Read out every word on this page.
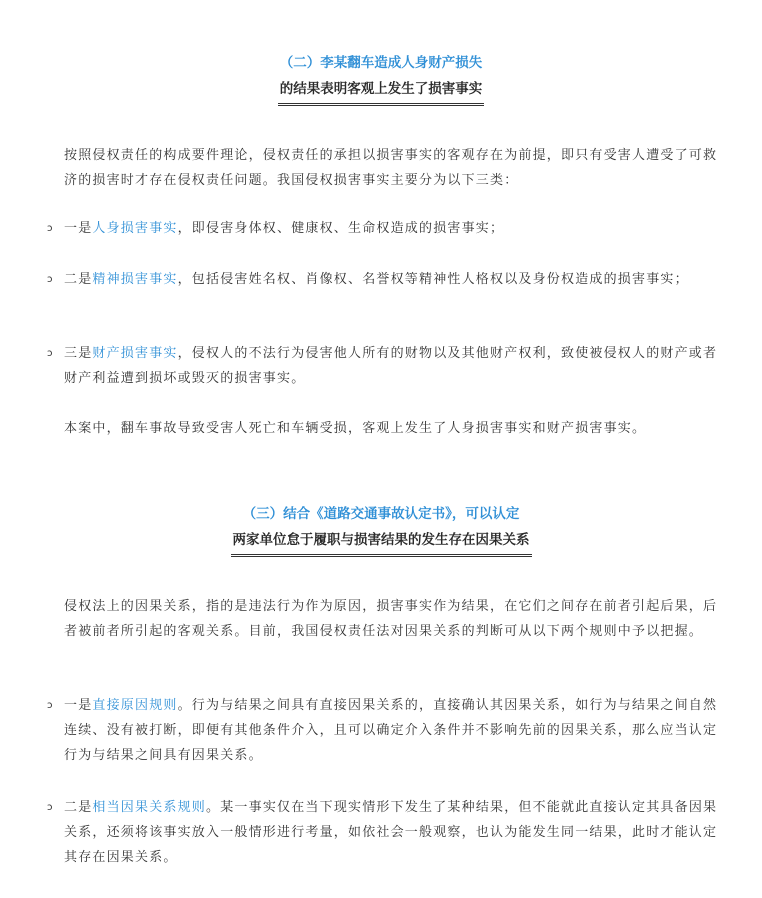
（二）李某翻车造成人身财产损失
的结果表明客观上发生了损害事实
按照侵权责任的构成要件理论，侵权责任的承担以损害事实的客观存在为前提，即只有受害人遭受了可救济的损害时才存在侵权责任问题。我国侵权损害事实主要分为以下三类：
ↄ 一是人身损害事实，即侵害身体权、健康权、生命权造成的损害事实；
ↄ 二是精神损害事实，包括侵害姓名权、肖像权、名誉权等精神性人格权以及身份权造成的损害事实；
ↄ 三是财产损害事实，侵权人的不法行为侵害他人所有的财物以及其他财产权利，致使被侵权人的财产或者财产利益遭到损坏或毁灭的损害事实。
本案中，翻车事故导致受害人死亡和车辆受损，客观上发生了人身损害事实和财产损害事实。
（三）结合《道路交通事故认定书》，可以认定
两家单位怠于履职与损害结果的发生存在因果关系
侵权法上的因果关系，指的是违法行为作为原因，损害事实作为结果，在它们之间存在前者引起后果，后者被前者所引起的客观关系。目前，我国侵权责任法对因果关系的判断可从以下两个规则中予以把握。
ↄ 一是直接原因规则。行为与结果之间具有直接因果关系的，直接确认其因果关系，如行为与结果之间自然连续、没有被打断，即便有其他条件介入，且可以确定介入条件并不影响先前的因果关系，那么应当认定行为与结果之间具有因果关系。
ↄ 二是相当因果关系规则。某一事实仅在当下现实情形下发生了某种结果，但不能就此直接认定其具备因果关系，还须将该事实放入一般情形进行考量，如依社会一般观察，也认为能发生同一结果，此时才能认定其存在因果关系。
